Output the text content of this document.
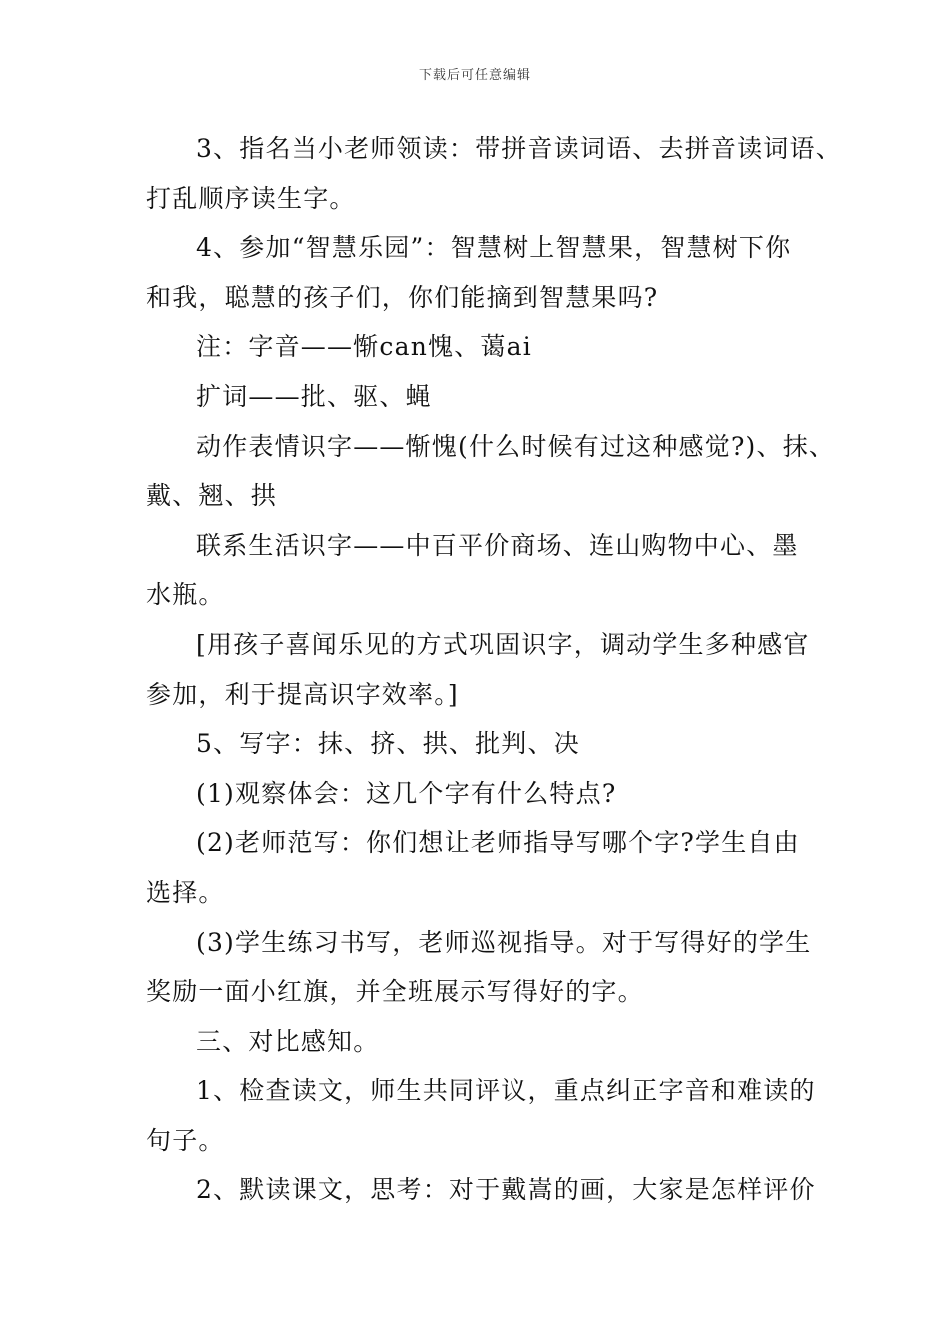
下载后可任意编辑
3、指名当小老师领读：带拼音读词语、去拼音读词语、
打乱顺序读生字。
4、参加“智慧乐园”：智慧树上智慧果，智慧树下你
和我，聪慧的孩子们，你们能摘到智慧果吗?
注：字音——惭can愧、蔼ai
扩词——批、驱、蝇
动作表情识字——惭愧(什么时候有过这种感觉?)、抹、
戴、翘、拱
联系生活识字——中百平价商场、连山购物中心、墨
水瓶。
[用孩子喜闻乐见的方式巩固识字，调动学生多种感官
参加，利于提高识字效率。]
5、写字：抹、挤、拱、批判、决
(1)观察体会：这几个字有什么特点?
(2)老师范写：你们想让老师指导写哪个字?学生自由
选择。
(3)学生练习书写，老师巡视指导。对于写得好的学生
奖励一面小红旗，并全班展示写得好的字。
三、对比感知。
1、检查读文，师生共同评议，重点纠正字音和难读的
句子。
2、默读课文，思考：对于戴嵩的画，大家是怎样评价
